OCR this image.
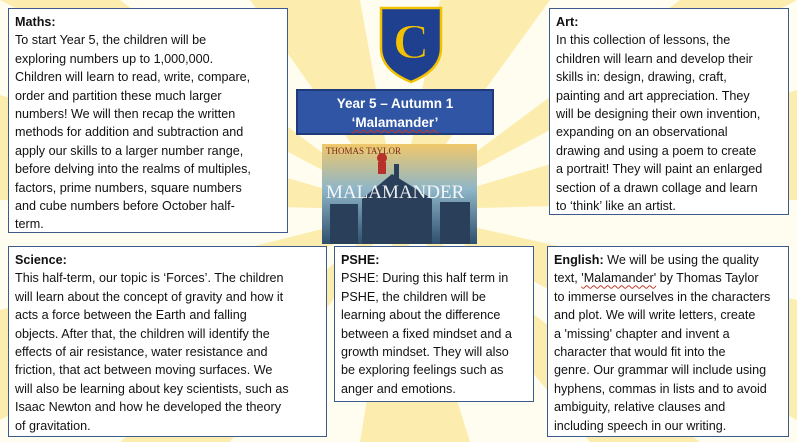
C
Year 5 – Autumn 1
‘Malamander’
THOMAS TAYLOR
MALAMANDER
Maths:
To start Year 5, the children will be
exploring numbers up to 1,000,000.
Children will learn to read, write, compare,
order and partition these much larger
numbers! We will then recap the written
methods for addition and subtraction and
apply our skills to a larger number range,
before delving into the realms of multiples,
factors, prime numbers, square numbers
and cube numbers before October half-
term.
Art:
In this collection of lessons, the
children will learn and develop their
skills in: design, drawing, craft,
painting and art appreciation. They
will be designing their own invention,
expanding on an observational
drawing and using a poem to create
a portrait! They will paint an enlarged
section of a drawn collage and learn
to ‘think’ like an artist.
Science:
This half-term, our topic is ‘Forces’. The children
will learn about the concept of gravity and how it
acts a force between the Earth and falling
objects. After that, the children will identify the
effects of air resistance, water resistance and
friction, that act between moving surfaces. We
will also be learning about key scientists, such as
Isaac Newton and how he developed the theory
of gravitation.
PSHE:
PSHE: During this half term in
PSHE, the children will be
learning about the difference
between a fixed mindset and a
growth mindset. They will also
be exploring feelings such as
anger and emotions.
English: We will be using the quality
text, 'Malamander' by Thomas Taylor
to immerse ourselves in the characters
and plot. We will write letters, create
a 'missing' chapter and invent a
character that would fit into the
genre. Our grammar will include using
hyphens, commas in lists and to avoid
ambiguity, relative clauses and
including speech in our writing.
